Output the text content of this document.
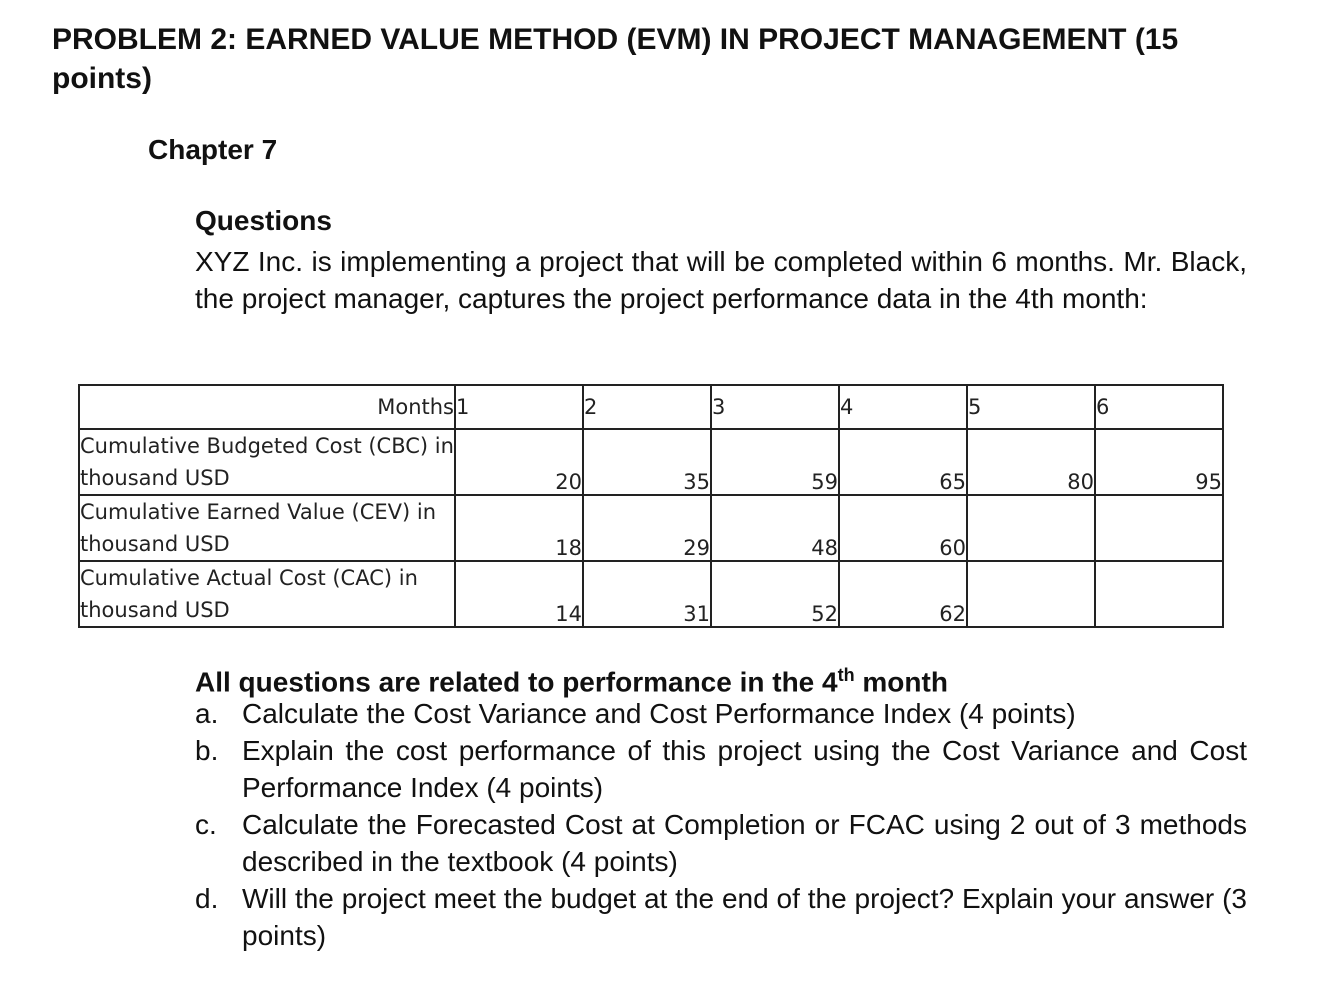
PROBLEM 2: EARNED VALUE METHOD (EVM) IN PROJECT MANAGEMENT (15 points)
Chapter 7
Questions

XYZ Inc. is implementing a project that will be completed within 6 months. Mr. Black, the project manager, captures the project performance data in the 4th month:

Months	1	2	3	4	5	6
Cumulative Budgeted Cost (CBC) in thousand USD	20	35	59	65	80	95
Cumulative Earned Value (CEV) in thousand USD	18	29	48	60		
Cumulative Actual Cost (CAC) in thousand USD	14	31	52	62		

All questions are related to performance in the 4th month

a. Calculate the Cost Variance and Cost Performance Index (4 points)
b. Explain the cost performance of this project using the Cost Variance and Cost Performance Index (4 points)
c. Calculate the Forecasted Cost at Completion or FCAC using 2 out of 3 methods described in the textbook (4 points)
d. Will the project meet the budget at the end of the project? Explain your answer (3 points)
